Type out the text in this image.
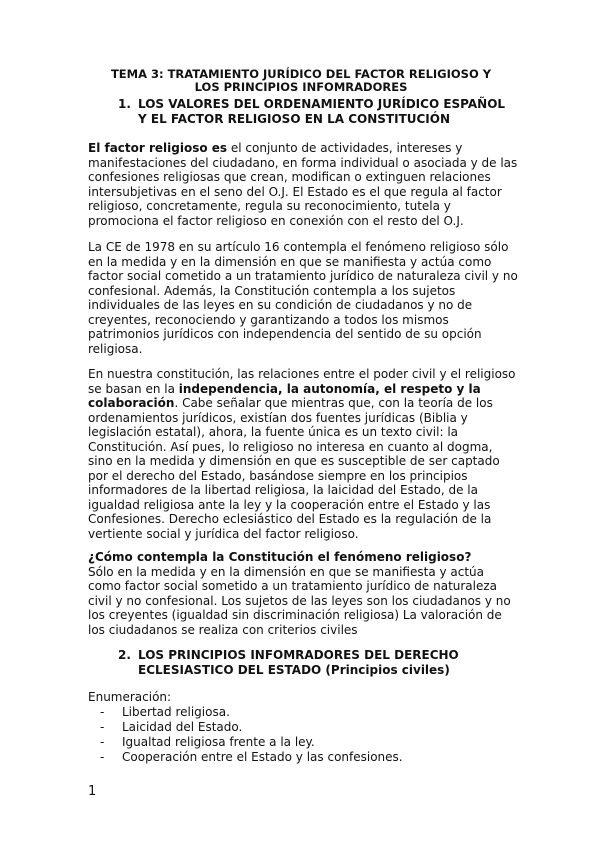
TEMA 3: TRATAMIENTO JURÍDICO DEL FACTOR RELIGIOSO Y
LOS PRINCIPIOS INFOMRADORES
1. LOS VALORES DEL ORDENAMIENTO JURÍDICO ESPAÑOL
Y EL FACTOR RELIGIOSO EN LA CONSTITUCIÓN

El factor religioso es el conjunto de actividades, intereses y manifestaciones del ciudadano, en forma individual o asociada y de las confesiones religiosas que crean, modifican o extinguen relaciones intersubjetivas en el seno del O.J. El Estado es el que regula al factor religioso, concretamente, regula su reconocimiento, tutela y promociona el factor religioso en conexión con el resto del O.J.

La CE de 1978 en su artículo 16 contempla el fenómeno religioso sólo en la medida y en la dimensión en que se manifiesta y actúa como factor social cometido a un tratamiento jurídico de naturaleza civil y no confesional. Además, la Constitución contempla a los sujetos individuales de las leyes en su condición de ciudadanos y no de creyentes, reconociendo y garantizando a todos los mismos patrimonios jurídicos con independencia del sentido de su opción religiosa.

En nuestra constitución, las relaciones entre el poder civil y el religioso se basan en la independencia, la autonomía, el respeto y la colaboración. Cabe señalar que mientras que, con la teoría de los ordenamientos jurídicos, existían dos fuentes jurídicas (Biblia y legislación estatal), ahora, la fuente única es un texto civil: la Constitución. Así pues, lo religioso no interesa en cuanto al dogma, sino en la medida y dimensión en que es susceptible de ser captado por el derecho del Estado, basándose siempre en los principios informadores de la libertad religiosa, la laicidad del Estado, de la igualdad religiosa ante la ley y la cooperación entre el Estado y las Confesiones. Derecho eclesiástico del Estado es la regulación de la vertiente social y jurídica del factor religioso.

¿Cómo contempla la Constitución el fenómeno religioso?
Sólo en la medida y en la dimensión en que se manifiesta y actúa como factor social sometido a un tratamiento jurídico de naturaleza civil y no confesional. Los sujetos de las leyes son los ciudadanos y no los creyentes (igualdad sin discriminación religiosa) La valoración de los ciudadanos se realiza con criterios civiles
2. LOS PRINCIPIOS INFOMRADORES DEL DERECHO
ECLESIASTICO DEL ESTADO (Principios civiles)
Enumeración:
-	Libertad religiosa.
-	Laicidad del Estado.
-	Igualtad religiosa frente a la ley.
-	Cooperación entre el Estado y las confesiones.
1
